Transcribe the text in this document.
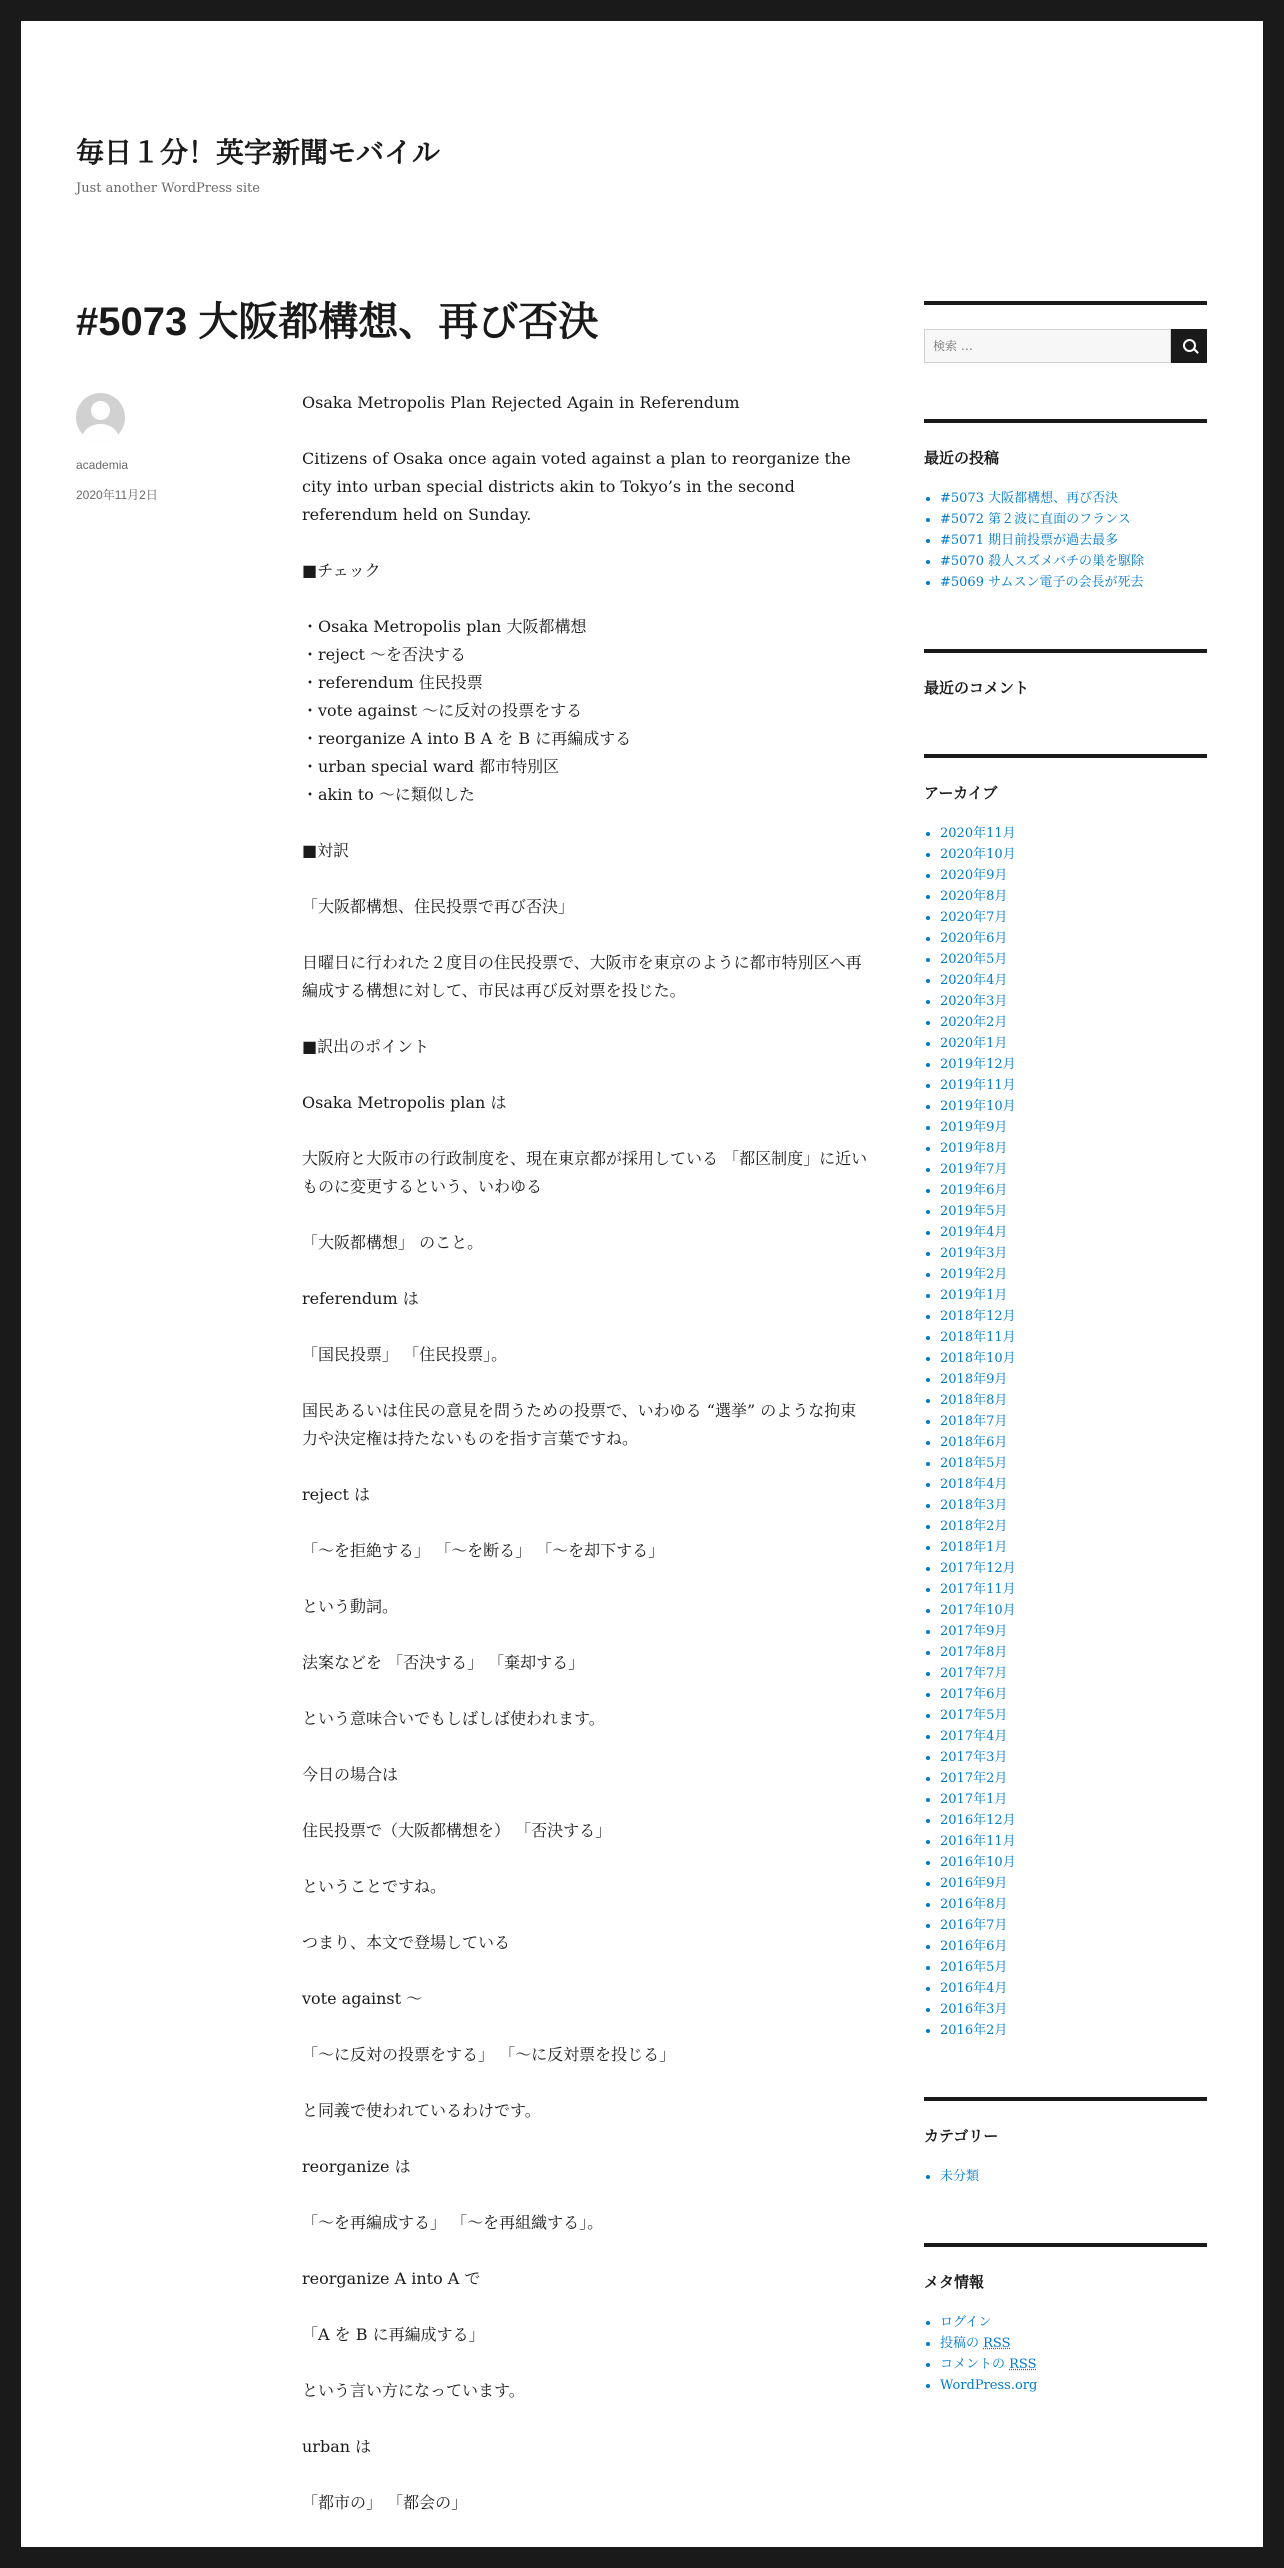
毎日１分！英字新聞モバイル
Just another WordPress site
#5073 大阪都構想、再び否決
academia
2020年11月2日

Osaka Metropolis Plan Rejected Again in Referendum

Citizens of Osaka once again voted against a plan to reorganize the city into urban special districts akin to Tokyo’s in the second referendum held on Sunday.

■チェック

・Osaka Metropolis plan 大阪都構想
・reject ～を否決する
・referendum 住民投票
・vote against ～に反対の投票をする
・reorganize A into B A を B に再編成する
・urban special ward 都市特別区
・akin to ～に類似した

■対訳

「大阪都構想、住民投票で再び否決」

日曜日に行われた２度目の住民投票で、大阪市を東京のように都市特別区へ再編成する構想に対して、市民は再び反対票を投じた。

■訳出のポイント

Osaka Metropolis plan は

大阪府と大阪市の行政制度を、現在東京都が採用している 「都区制度」に近いものに変更するという、いわゆる

「大阪都構想」 のこと。

referendum は

「国民投票」 「住民投票」。

国民あるいは住民の意見を問うための投票で、いわゆる “選挙” のような拘束力や決定権は持たないものを指す言葉ですね。

reject は

「～を拒絶する」 「～を断る」 「～を却下する」

という動詞。

法案などを 「否決する」 「棄却する」

という意味合いでもしばしば使われます。

今日の場合は

住民投票で（大阪都構想を） 「否決する」

ということですね。

つまり、本文で登場している

vote against ～

「～に反対の投票をする」 「～に反対票を投じる」

と同義で使われているわけです。

reorganize は

「～を再編成する」 「～を再組織する」。

reorganize A into A で

「A を B に再編成する」

という言い方になっています。

urban は

「都市の」 「都会の」

検索 …
最近の投稿
• #5073 大阪都構想、再び否決
• #5072 第２波に直面のフランス
• #5071 期日前投票が過去最多
• #5070 殺人スズメバチの巣を駆除
• #5069 サムスン電子の会長が死去
最近のコメント
アーカイブ
• 2020年11月
• 2020年10月
• 2020年9月
• 2020年8月
• 2020年7月
• 2020年6月
• 2020年5月
• 2020年4月
• 2020年3月
• 2020年2月
• 2020年1月
• 2019年12月
• 2019年11月
• 2019年10月
• 2019年9月
• 2019年8月
• 2019年7月
• 2019年6月
• 2019年5月
• 2019年4月
• 2019年3月
• 2019年2月
• 2019年1月
• 2018年12月
• 2018年11月
• 2018年10月
• 2018年9月
• 2018年8月
• 2018年7月
• 2018年6月
• 2018年5月
• 2018年4月
• 2018年3月
• 2018年2月
• 2018年1月
• 2017年12月
• 2017年11月
• 2017年10月
• 2017年9月
• 2017年8月
• 2017年7月
• 2017年6月
• 2017年5月
• 2017年4月
• 2017年3月
• 2017年2月
• 2017年1月
• 2016年12月
• 2016年11月
• 2016年10月
• 2016年9月
• 2016年8月
• 2016年7月
• 2016年6月
• 2016年5月
• 2016年4月
• 2016年3月
• 2016年2月
カテゴリー
• 未分類
メタ情報
• ログイン
• 投稿の RSS
• コメントの RSS
• WordPress.org
